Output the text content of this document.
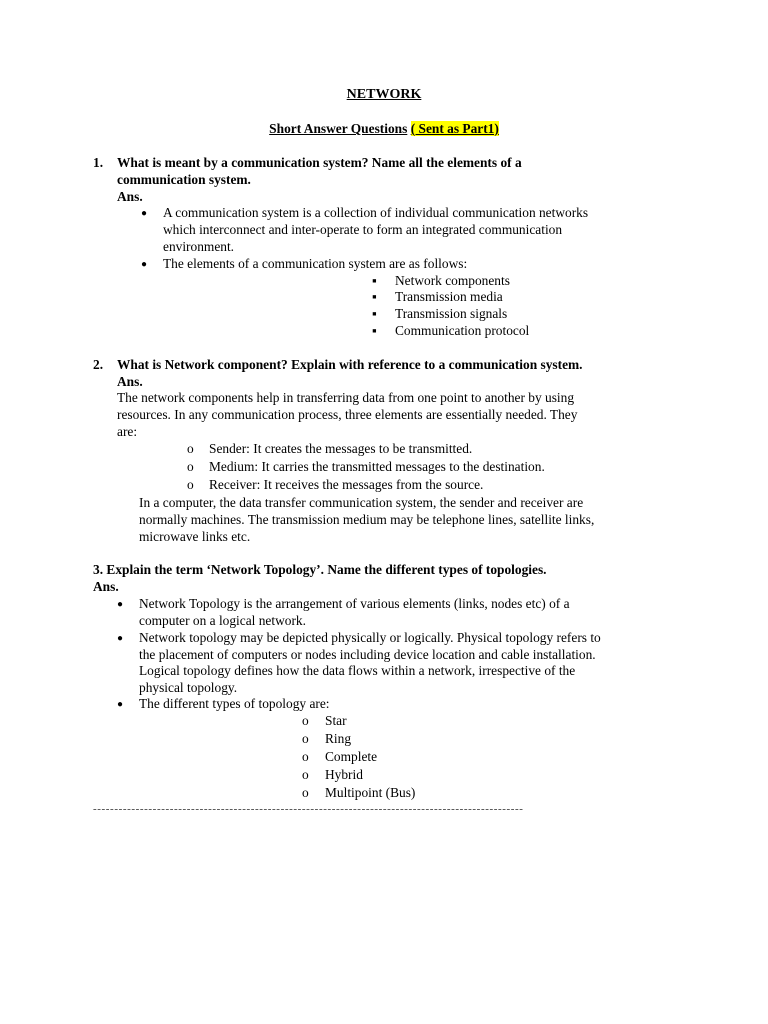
NETWORK
Short Answer Questions ( Sent as Part1)
1. What is meant by a communication system? Name all the elements of a
communication system.
Ans.
● A communication system is a collection of individual communication networks
which interconnect and inter-operate to form an integrated communication
environment.
● The elements of a communication system are as follows:
▪ Network components
▪ Transmission media
▪ Transmission signals
▪ Communication protocol
2. What is Network component? Explain with reference to a communication system.
Ans.
The network components help in transferring data from one point to another by using
resources. In any communication process, three elements are essentially needed. They
are:
o Sender: It creates the messages to be transmitted.
o Medium: It carries the transmitted messages to the destination.
o Receiver: It receives the messages from the source.
In a computer, the data transfer communication system, the sender and receiver are
normally machines. The transmission medium may be telephone lines, satellite links,
microwave links etc.
3. Explain the term ‘Network Topology’. Name the different types of topologies.
Ans.
● Network Topology is the arrangement of various elements (links, nodes etc) of a
computer on a logical network.
● Network topology may be depicted physically or logically. Physical topology refers to
the placement of computers or nodes including device location and cable installation.
Logical topology defines how the data flows within a network, irrespective of the
physical topology.
● The different types of topology are:
o Star
o Ring
o Complete
o Hybrid
o Multipoint (Bus)
-----------------------------------------------------------------------------------------------------
